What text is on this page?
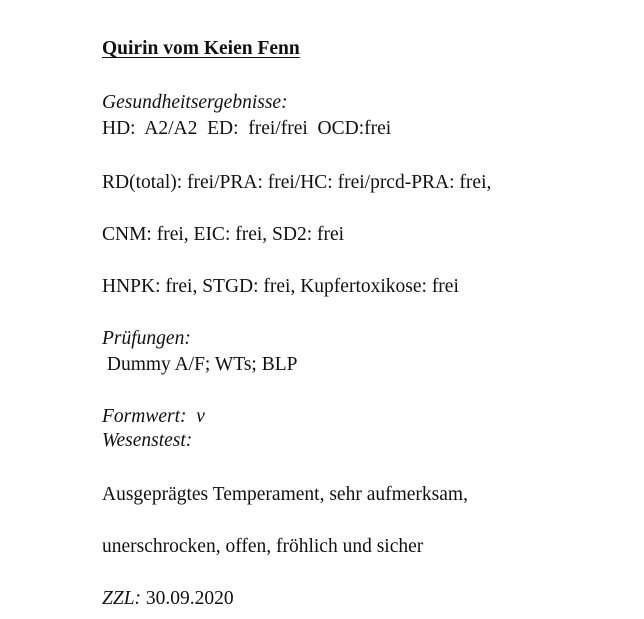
Quirin vom Keien Fenn
Gesundheitsergebnisse:
HD:  A2/A2  ED:  frei/frei  OCD:frei
RD(total): frei/PRA: frei/HC: frei/prcd-PRA: frei,
CNM: frei, EIC: frei, SD2: frei
HNPK: frei, STGD: frei, Kupfertoxikose: frei
Prüfungen:
Dummy A/F; WTs; BLP
Formwert: v
Wesenstest:
Ausgeprägtes Temperament, sehr aufmerksam,
unerschrocken, offen, fröhlich und sicher
ZZL: 30.09.2020
